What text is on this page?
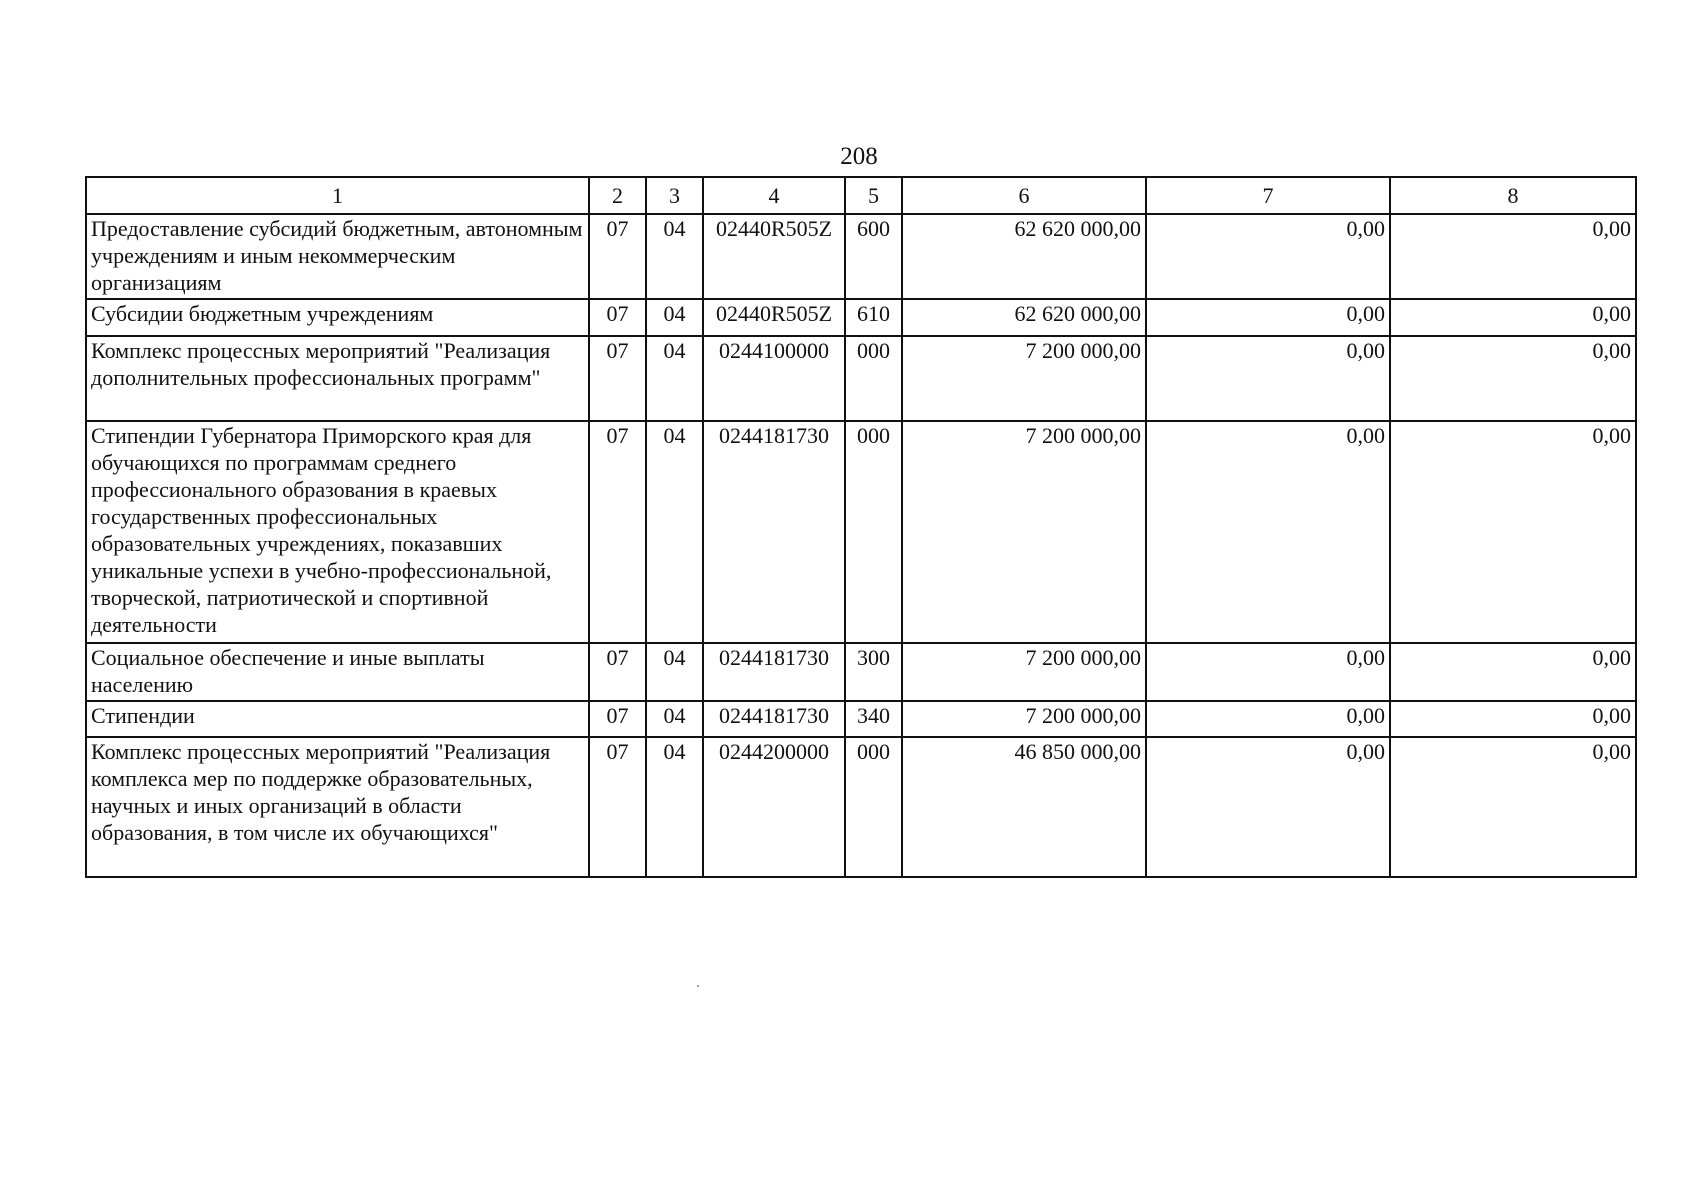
208
1	2	3	4	5	6	7	8
Предоставление субсидий бюджетным, автономным учреждениям и иным некоммерческим организациям	07	04	02440R505Z	600	62 620 000,00	0,00	0,00
Субсидии бюджетным учреждениям	07	04	02440R505Z	610	62 620 000,00	0,00	0,00
Комплекс процессных мероприятий "Реализация дополнительных профессиональных программ"	07	04	0244100000	000	7 200 000,00	0,00	0,00
Стипендии Губернатора Приморского края для обучающихся по программам среднего профессионального образования в краевых государственных профессиональных образовательных учреждениях, показавших уникальные успехи в учебно-профессиональной, творческой, патриотической и спортивной деятельности	07	04	0244181730	000	7 200 000,00	0,00	0,00
Социальное обеспечение и иные выплаты населению	07	04	0244181730	300	7 200 000,00	0,00	0,00
Стипендии	07	04	0244181730	340	7 200 000,00	0,00	0,00
Комплекс процессных мероприятий "Реализация комплекса мер по поддержке образовательных, научных и иных организаций в области образования, в том числе их обучающихся"	07	04	0244200000	000	46 850 000,00	0,00	0,00
